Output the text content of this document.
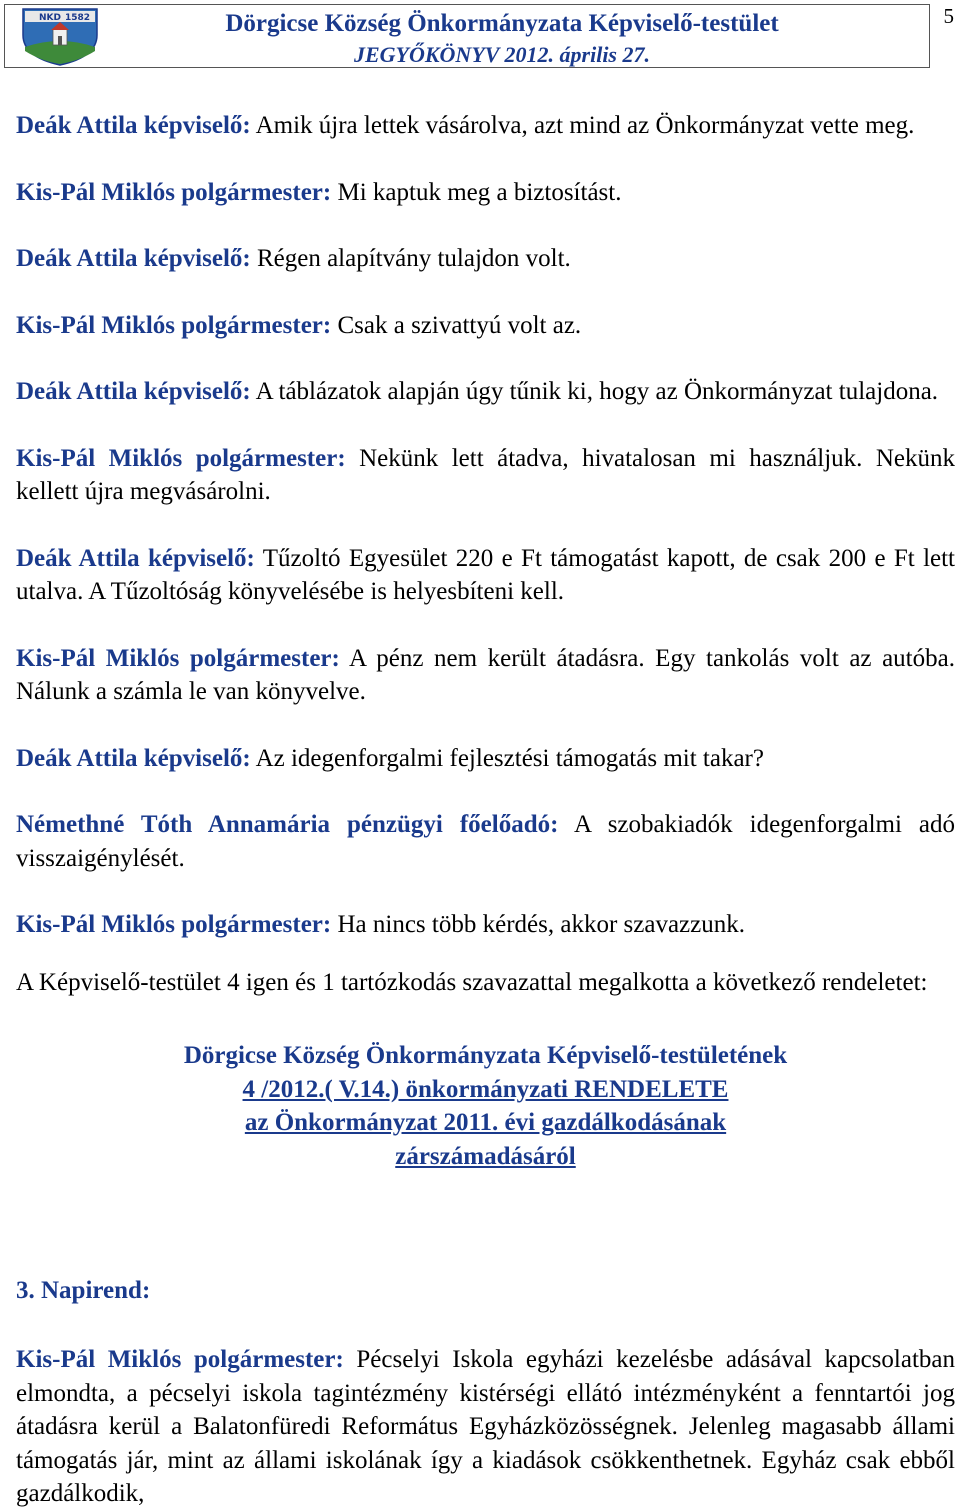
NKD 1582	Dörgicse Község Önkormányzata Képviselő-testület
JEGYŐKÖNYV 2012. április 27.
5

Deák Attila képviselő: Amik újra lettek vásárolva, azt mind az Önkormányzat vette meg.

Kis-Pál Miklós polgármester: Mi kaptuk meg a biztosítást.

Deák Attila képviselő: Régen alapítvány tulajdon volt.

Kis-Pál Miklós polgármester: Csak a szivattyú volt az.

Deák Attila képviselő: A táblázatok alapján úgy tűnik ki, hogy az Önkormányzat tulajdona.

Kis-Pál Miklós polgármester: Nekünk lett átadva, hivatalosan mi használjuk. Nekünk kellett újra megvásárolni.

Deák Attila képviselő: Tűzoltó Egyesület 220 e Ft támogatást kapott, de csak 200 e Ft lett utalva. A Tűzoltóság könyvelésébe is helyesbíteni kell.

Kis-Pál Miklós polgármester: A pénz nem került átadásra. Egy tankolás volt az autóba. Nálunk a számla le van könyvelve.

Deák Attila képviselő: Az idegenforgalmi fejlesztési támogatás mit takar?

Némethné Tóth Annamária pénzügyi főelőadó: A szobakiadók idegenforgalmi adó visszaigénylését.

Kis-Pál Miklós polgármester: Ha nincs több kérdés, akkor szavazzunk.

A Képviselő-testület 4 igen és 1 tartózkodás szavazattal megalkotta a következő rendeletet:

Dörgicse Község Önkormányzata Képviselő-testületének
4 /2012.( V.14.) önkormányzati RENDELETE
az Önkormányzat 2011. évi gazdálkodásának
zárszámadásáról
3. Napirend:

Kis-Pál Miklós polgármester: Pécselyi Iskola egyházi kezelésbe adásával kapcsolatban elmondta, a pécselyi iskola tagintézmény kistérségi ellátó intézményként a fenntartói jog átadásra kerül a Balatonfüredi Református Egyházközösségnek. Jelenleg magasabb állami támogatás jár, mint az állami iskolának így a kiadások csökkenthetnek. Egyház csak ebből gazdálkodik,
